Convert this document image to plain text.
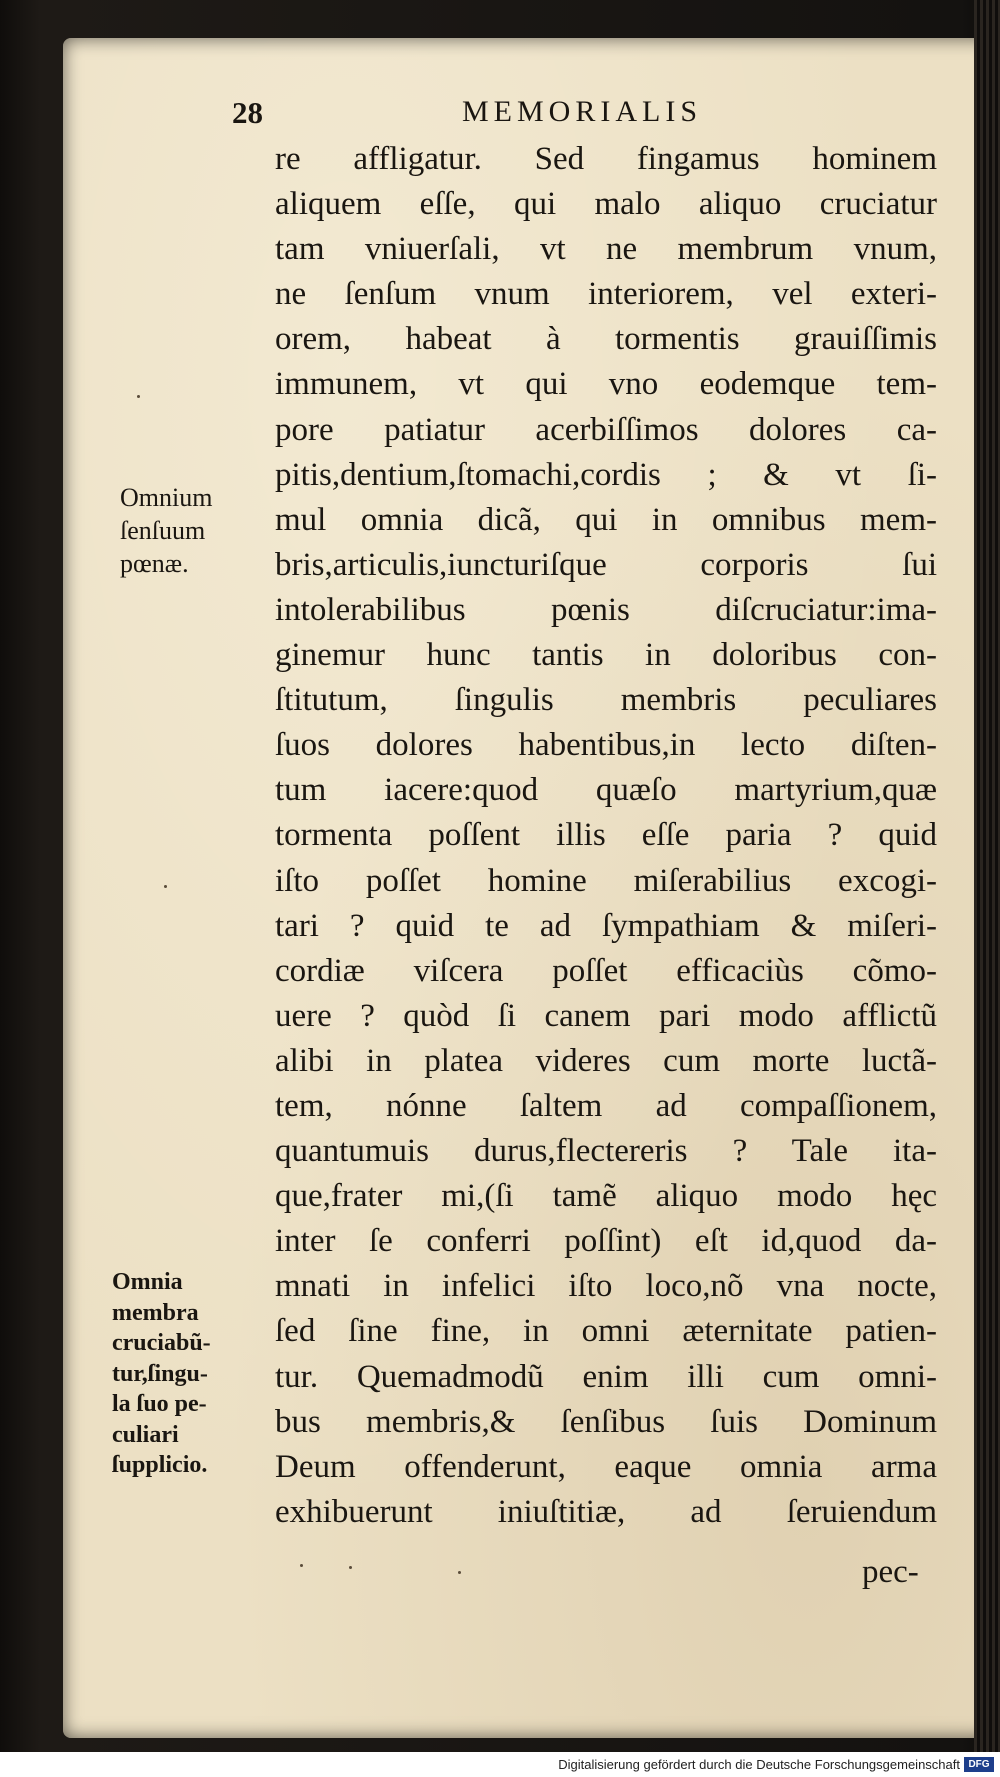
28	MEMORIALIS
re affligatur. Sed fingamus hominem
aliquem eſſe, qui malo aliquo cruciatur
tam vniuerſali, vt ne membrum vnum,
ne ſenſum vnum interiorem, vel exteri-
orem, habeat à tormentis grauiſſimis
immunem, vt qui vno eodemque tem-
pore patiatur acerbiſſimos dolores ca-
pitis,dentium,ſtomachi,cordis ; & vt ſi-
mul omnia dicã, qui in omnibus mem-
bris,articulis,iuncturiſque corporis ſui
intolerabilibus pœnis diſcruciatur:ima-
ginemur hunc tantis in doloribus con-
ſtitutum, ſingulis membris peculiares
ſuos dolores habentibus,in lecto diſten-
tum iacere:quod quæſo martyrium,quæ
tormenta poſſent illis eſſe paria ? quid
iſto poſſet homine miſerabilius excogi-
tari ? quid te ad ſympathiam & miſeri-
cordiæ viſcera poſſet efficaciùs cõmo-
uere ? quòd ſi canem pari modo afflictũ
alibi in platea videres cum morte luctã-
tem, nónne ſaltem ad compaſſionem,
quantumuis durus,flectereris ? Tale ita-
que,frater mi,(ſi tamẽ aliquo modo hęc
inter ſe conferri poſſint) eſt id,quod da-
mnati in infelici iſto loco,nõ vna nocte,
ſed ſine fine, in omni æternitate patien-
tur. Quemadmodũ enim illi cum omni-
bus membris,& ſenſibus ſuis Dominum
Deum offenderunt, eaque omnia arma
exhibuerunt iniuſtitiæ, ad ſeruiendum
pec-
Omnium
ſenſuum
pœnæ.
Omnia
membra
cruciabũ-
tur,ſingu-
la ſuo pe-
culiari
ſupplicio.
Digitalisierung gefördert durch die Deutsche Forschungsgemeinschaft DFG
